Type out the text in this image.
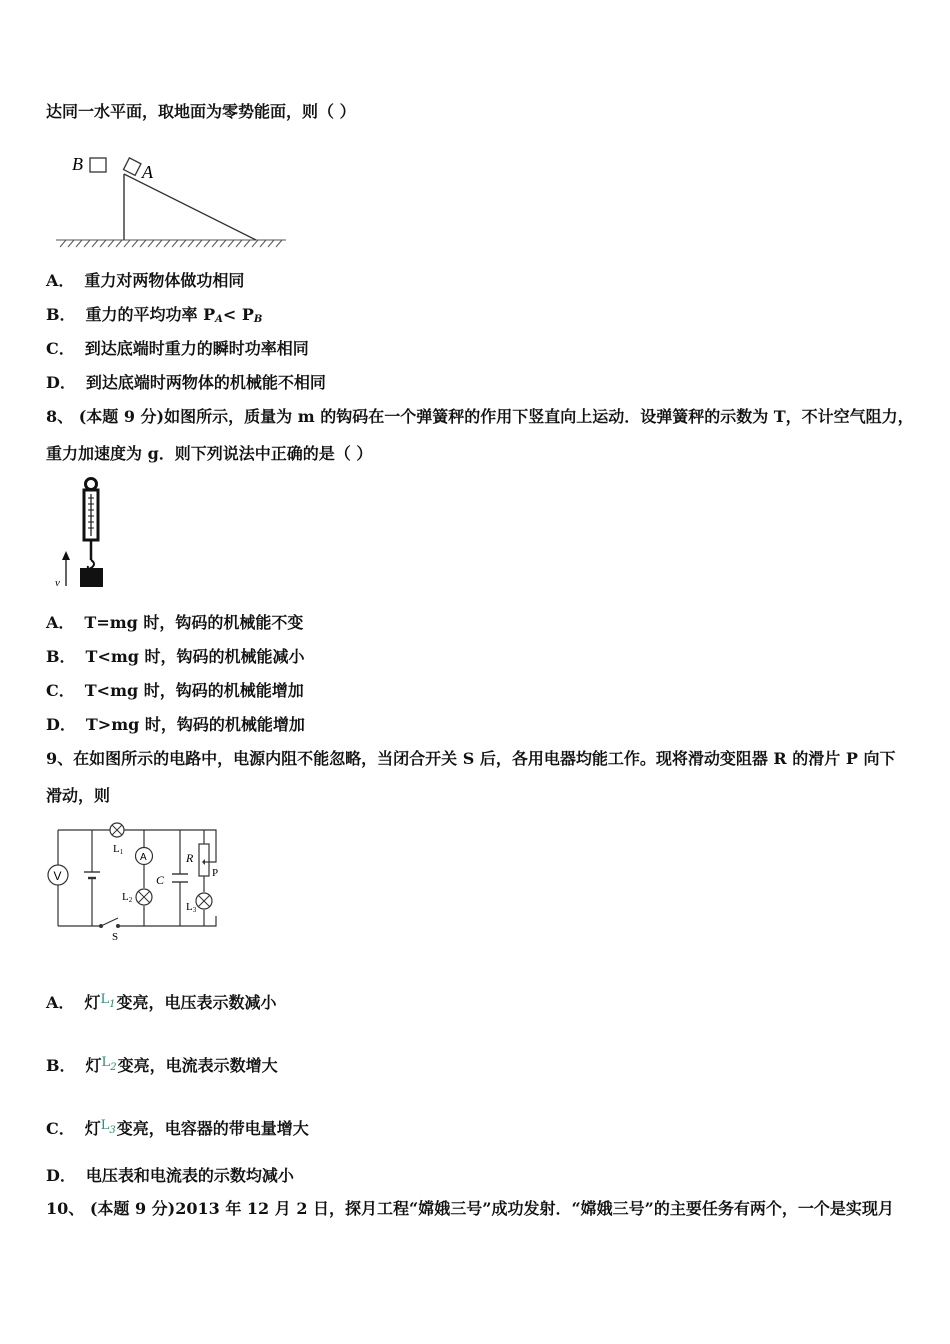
达同一水平面，取地面为零势能面，则（ ）
B	A
A． 重力对两物体做功相同
B． 重力的平均功率 $P_A< P_B$
C． 到达底端时重力的瞬时功率相同
D． 到达底端时两物体的机械能不相同
8、 (本题 9 分)如图所示，质量为 m 的钩码在一个弹簧秤的作用下竖直向上运动．设弹簧秤的示数为 T，不计空气阻力，
重力加速度为 g．则下列说法中正确的是（ ）
v
A． T=mg 时，钩码的机械能不变
B． T<mg 时，钩码的机械能减小
C． T<mg 时，钩码的机械能增加
D． T>mg 时，钩码的机械能增加
9、在如图所示的电路中，电源内阻不能忽略，当闭合开关 S 后，各用电器均能工作。现将滑动变阻器 R 的滑片 P 向下
滑动，则
V
L1 A
L2
C
R
P
L3
S
A． 灯$^L$1变亮，电压表示数减小
B． 灯$^L$2变亮，电流表示数增大
C． 灯$^L$3变亮，电容器的带电量增大
D． 电压表和电流表的示数均减小
10、 (本题 9 分)2013 年 12 月 2 日，探月工程“嫦娥三号”成功发射．“嫦娥三号”的主要任务有两个，一个是实现月
